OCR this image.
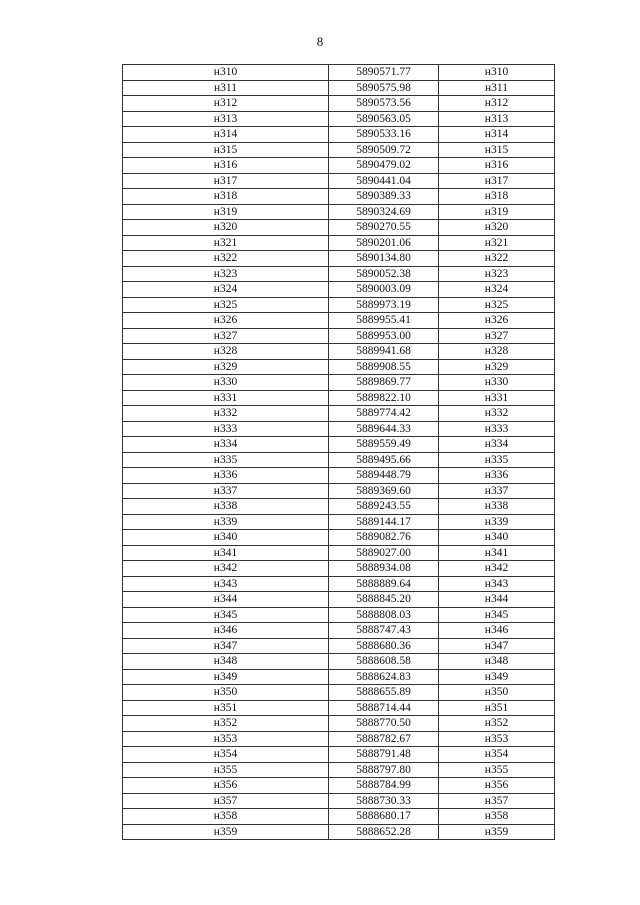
8
н310	5890571.77	н310
н311	5890575.98	н311
н312	5890573.56	н312
н313	5890563.05	н313
н314	5890533.16	н314
н315	5890509.72	н315
н316	5890479.02	н316
н317	5890441.04	н317
н318	5890389.33	н318
н319	5890324.69	н319
н320	5890270.55	н320
н321	5890201.06	н321
н322	5890134.80	н322
н323	5890052.38	н323
н324	5890003.09	н324
н325	5889973.19	н325
н326	5889955.41	н326
н327	5889953.00	н327
н328	5889941.68	н328
н329	5889908.55	н329
н330	5889869.77	н330
н331	5889822.10	н331
н332	5889774.42	н332
н333	5889644.33	н333
н334	5889559.49	н334
н335	5889495.66	н335
н336	5889448.79	н336
н337	5889369.60	н337
н338	5889243.55	н338
н339	5889144.17	н339
н340	5889082.76	н340
н341	5889027.00	н341
н342	5888934.08	н342
н343	5888889.64	н343
н344	5888845.20	н344
н345	5888808.03	н345
н346	5888747.43	н346
н347	5888680.36	н347
н348	5888608.58	н348
н349	5888624.83	н349
н350	5888655.89	н350
н351	5888714.44	н351
н352	5888770.50	н352
н353	5888782.67	н353
н354	5888791.48	н354
н355	5888797.80	н355
н356	5888784.99	н356
н357	5888730.33	н357
н358	5888680.17	н358
н359	5888652.28	н359
